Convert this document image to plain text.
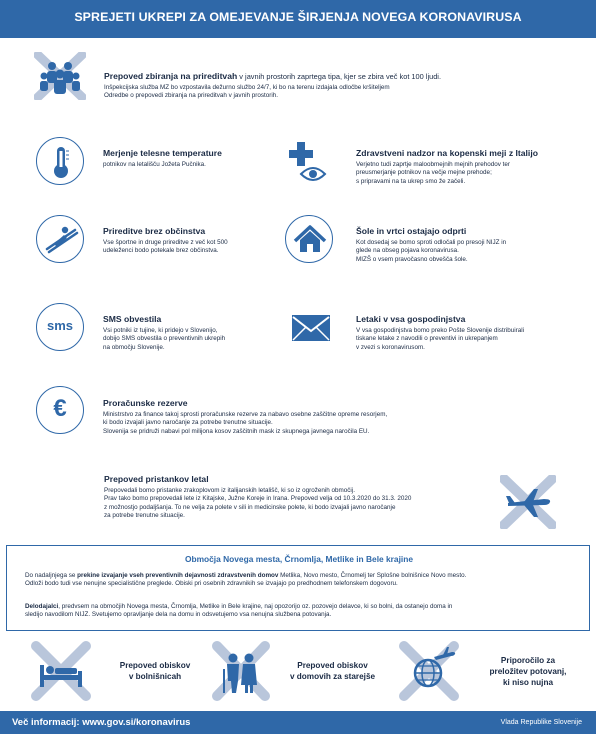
SPREJETI UKREPI ZA OMEJEVANJE ŠIRJENJA NOVEGA KORONAVIRUSA
Prepoved zbiranja na prireditvah v javnih prostorih zaprtega tipa, kjer se zbira več kot 100 ljudi.
Inšpekcijska služba MZ bo vzpostavila dežurno službo 24/7, ki bo na terenu izdajala odločbe kršiteljem
Odredbe o prepovedi zbiranja na prireditvah v javnih prostorih.
Merjenje telesne temperature
potnikov na letališču Jožeta Pučnika.
Zdravstveni nadzor na kopenski meji z Italijo
Verjetno tudi zaprtje maloobmejnih mejnih prehodov ter
preusmerjanje potnikov na večje mejne prehode;
s pripravami na ta ukrep smo že začeli.
Prireditve brez občinstva
Vse športne in druge prireditve z več kot 500
udeleženci bodo potekale brez občinstva.
Šole in vrtci ostajajo odprti
Kot dosedaj se bomo sproti odločali po presoji NIJZ in
glede na obseg pojava koronavirusa.
MIZŠ o vsem pravočasno obvešča šole.
sms	SMS obvestila
Vsi potniki iz tujine, ki pridejo v Slovenijo,
dobijo SMS obvestila o preventivnih ukrepih
na območju Slovenije.
Letaki v vsa gospodinjstva
V vsa gospodinjstva bomo preko Pošte Slovenije distribuirali
tiskane letake z navodili o preventivi in ukrepanjem
v zvezi s koronavirusom.
€	Proračunske rezerve
Ministrstvo za finance takoj sprosti proračunske rezerve za nabavo osebne zaščitne opreme resorjem,
ki bodo izvajali javno naročanje za potrebe trenutne situacije.
Slovenija se pridruži nabavi pol milijona kosov zaščitnih mask iz skupnega javnega naročila EU.
Prepoved pristankov letal
Prepovedali bomo pristanke zrakoplovom iz italijanskih letališč, ki so iz ogroženih območij.
Prav tako bomo prepovedali lete iz Kitajske, Južne Koreje in Irana. Prepoved velja od 10.3.2020 do 31.3. 2020
z možnostjo podaljšanja. To ne velja za polete v sili in medicinske polete, ki bodo izvajali javno naročanje
za potrebe trenutne situacije.
Območja Novega mesta, Črnomlja, Metlike in Bele krajine
Do nadaljnjega se prekine izvajanje vseh preventivnih dejavnosti zdravstvenih domov Metlika, Novo mesto, Črnomelj ter Splošne bolnišnice Novo mesto.
Odloži bodo tudi vse nenujne specialistične preglede. Obiski pri osebnih zdravnikih se izvajajo po predhodnem telefonskem dogovoru.
Delodajalci, predvsem na območjih Novega mesta, Črnomlja, Metlike in Bele krajine, naj opozorijo oz. pozovejo delavce, ki so bolni, da ostanejo doma in
sledijo navodilom NIJZ. Svetujemo opravljanje dela na domu in odsvetujemo vsa nenujna službena potovanja.
Prepoved obiskov
v bolnišnicah
Prepoved obiskov
v domovih za starejše
Priporočilo za
preložitev potovanj,
ki niso nujna
Več informacij: www.gov.si/koronavirus	Vlada Republike Slovenije
